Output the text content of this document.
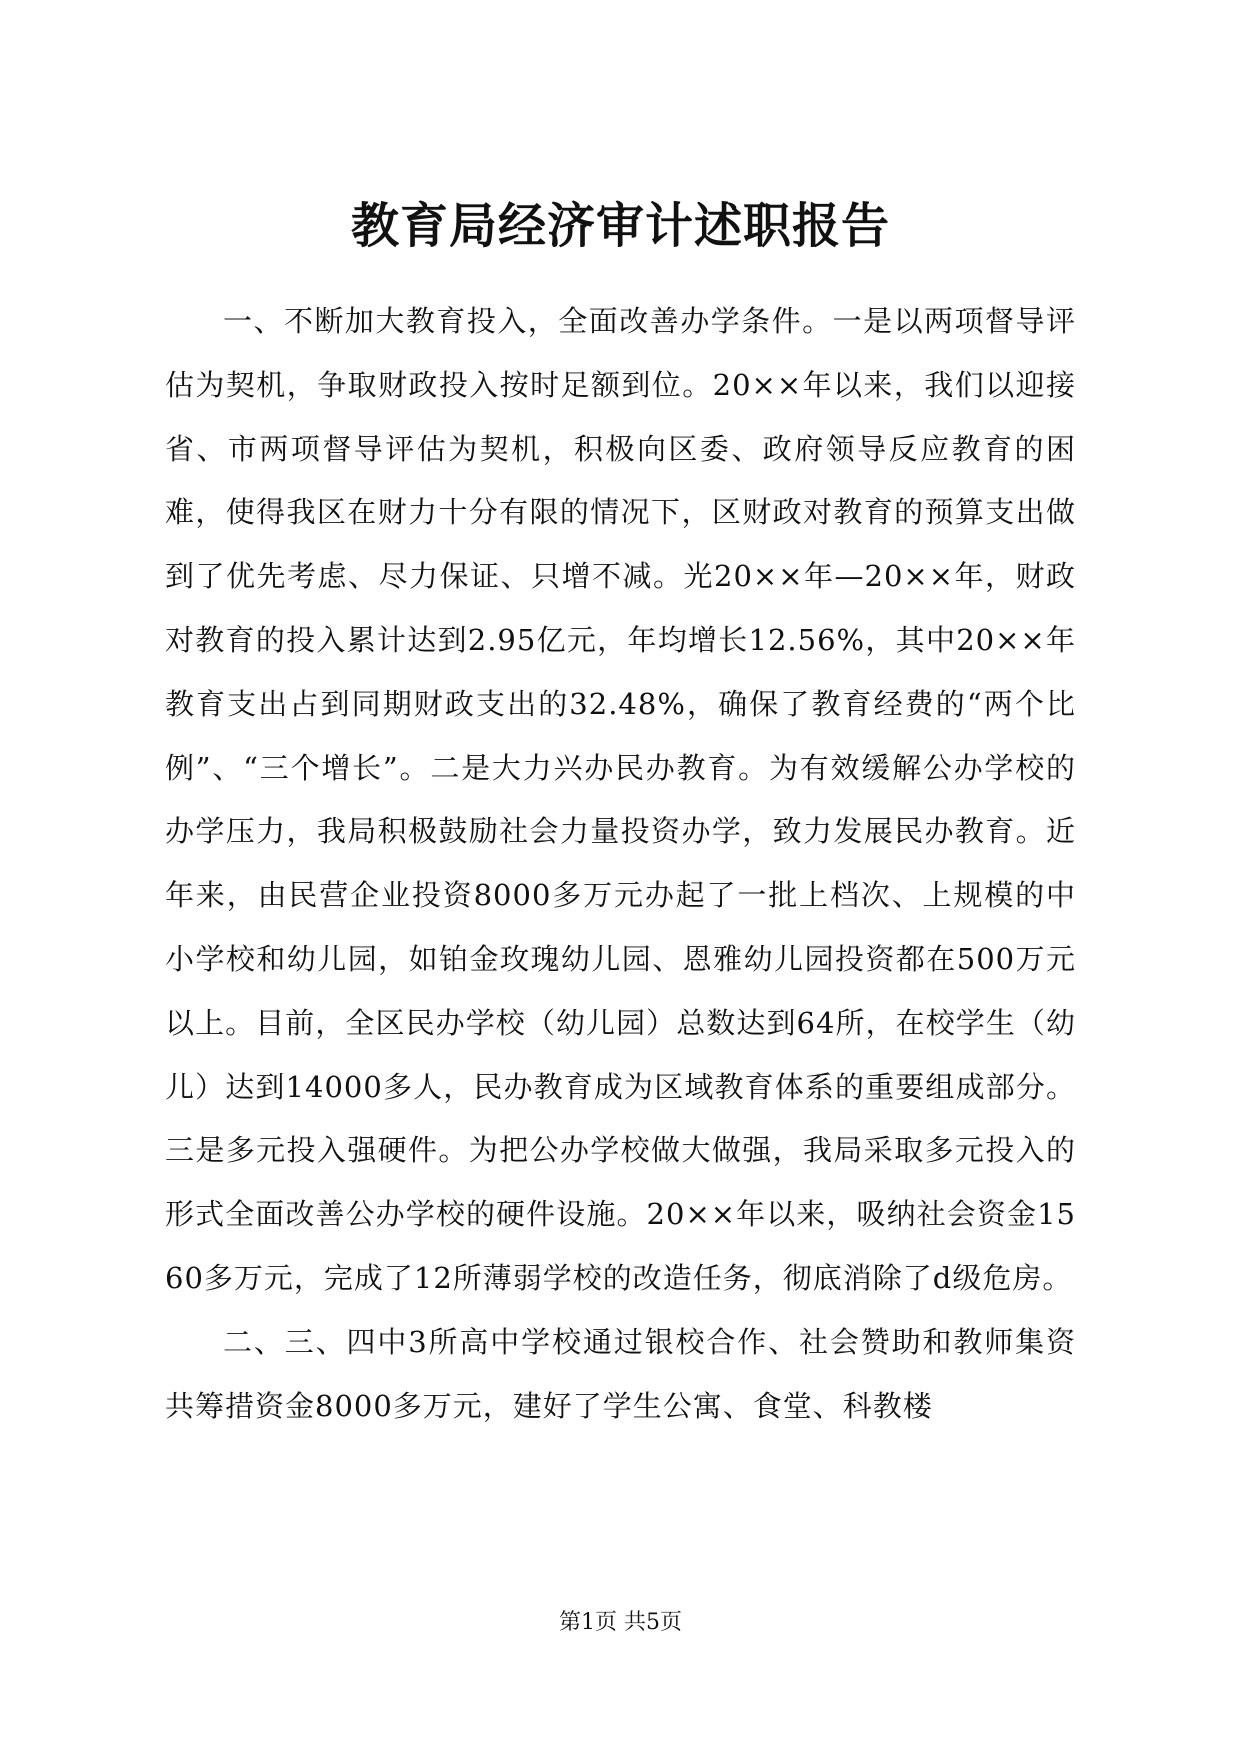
教育局经济审计述职报告

一、不断加大教育投入，全面改善办学条件。一是以两项督导评估为契机，争取财政投入按时足额到位。20××年以来，我们以迎接省、市两项督导评估为契机，积极向区委、政府领导反应教育的困难，使得我区在财力十分有限的情况下，区财政对教育的预算支出做到了优先考虑、尽力保证、只增不减。光20××年—20××年，财政对教育的投入累计达到2.95亿元，年均增长12.56%，其中20××年教育支出占到同期财政支出的32.48%，确保了教育经费的“两个比例”、“三个增长”。二是大力兴办民办教育。为有效缓解公办学校的办学压力，我局积极鼓励社会力量投资办学，致力发展民办教育。近年来，由民营企业投资8000多万元办起了一批上档次、上规模的中小学校和幼儿园，如铂金玫瑰幼儿园、恩雅幼儿园投资都在500万元以上。目前，全区民办学校（幼儿园）总数达到64所，在校学生（幼儿）达到14000多人，民办教育成为区域教育体系的重要组成部分。三是多元投入强硬件。为把公办学校做大做强，我局采取多元投入的形式全面改善公办学校的硬件设施。20××年以来，吸纳社会资金1560多万元，完成了12所薄弱学校的改造任务，彻底消除了d级危房。

二、三、四中3所高中学校通过银校合作、社会赞助和教师集资共筹措资金8000多万元，建好了学生公寓、食堂、科教楼

第1页 共5页
